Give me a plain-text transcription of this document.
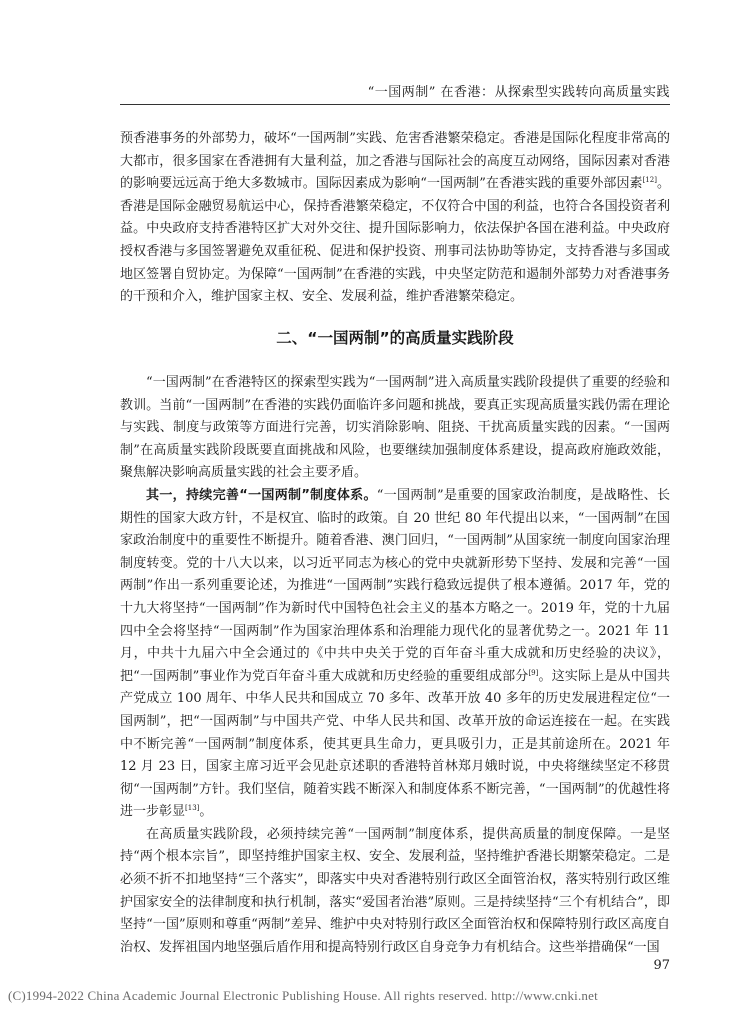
“一国两制” 在香港：从探索型实践转向高质量实践

预香港事务的外部势力，破坏“一国两制”实践、危害香港繁荣稳定。香港是国际化程度非常高的大都市，很多国家在香港拥有大量利益，加之香港与国际社会的高度互动网络，国际因素对香港的影响要远远高于绝大多数城市。国际因素成为影响“一国两制”在香港实践的重要外部因素[12]。香港是国际金融贸易航运中心，保持香港繁荣稳定，不仅符合中国的利益，也符合各国投资者利益。中央政府支持香港特区扩大对外交往、提升国际影响力，依法保护各国在港利益。中央政府授权香港与多国签署避免双重征税、促进和保护投资、刑事司法协助等协定，支持香港与多国或地区签署自贸协定。为保障“一国两制”在香港的实践，中央坚定防范和遏制外部势力对香港事务的干预和介入，维护国家主权、安全、发展利益，维护香港繁荣稳定。

二、“一国两制”的高质量实践阶段

“一国两制”在香港特区的探索型实践为“一国两制”进入高质量实践阶段提供了重要的经验和教训。当前“一国两制”在香港的实践仍面临许多问题和挑战，要真正实现高质量实践仍需在理论与实践、制度与政策等方面进行完善，切实消除影响、阻挠、干扰高质量实践的因素。“一国两制”在高质量实践阶段既要直面挑战和风险，也要继续加强制度体系建设，提高政府施政效能，聚焦解决影响高质量实践的社会主要矛盾。

其一，持续完善“一国两制”制度体系。“一国两制”是重要的国家政治制度，是战略性、长期性的国家大政方针，不是权宜、临时的政策。自 20 世纪 80 年代提出以来，“一国两制”在国家政治制度中的重要性不断提升。随着香港、澳门回归，“一国两制”从国家统一制度向国家治理制度转变。党的十八大以来，以习近平同志为核心的党中央就新形势下坚持、发展和完善“一国两制”作出一系列重要论述，为推进“一国两制”实践行稳致远提供了根本遵循。2017 年，党的十九大将坚持“一国两制”作为新时代中国特色社会主义的基本方略之一。2019 年，党的十九届四中全会将坚持“一国两制”作为国家治理体系和治理能力现代化的显著优势之一。2021 年 11 月，中共十九届六中全会通过的《中共中央关于党的百年奋斗重大成就和历史经验的决议》，把“一国两制”事业作为党百年奋斗重大成就和历史经验的重要组成部分[9]。这实际上是从中国共产党成立 100 周年、中华人民共和国成立 70 多年、改革开放 40 多年的历史发展进程定位“一国两制”，把“一国两制”与中国共产党、中华人民共和国、改革开放的命运连接在一起。在实践中不断完善“一国两制”制度体系，使其更具生命力，更具吸引力，正是其前途所在。2021 年 12 月 23 日，国家主席习近平会见赴京述职的香港特首林郑月娥时说，中央将继续坚定不移贯彻“一国两制”方针。我们坚信，随着实践不断深入和制度体系不断完善，“一国两制”的优越性将进一步彰显[13]。

在高质量实践阶段，必须持续完善“一国两制”制度体系，提供高质量的制度保障。一是坚持“两个根本宗旨”，即坚持维护国家主权、安全、发展利益，坚持维护香港长期繁荣稳定。二是必须不折不扣地坚持“三个落实”，即落实中央对香港特别行政区全面管治权，落实特别行政区维护国家安全的法律制度和执行机制，落实“爱国者治港”原则。三是持续坚持“三个有机结合”，即坚持“一国”原则和尊重“两制”差异、维护中央对特别行政区全面管治权和保障特别行政区高度自治权、发挥祖国内地坚强后盾作用和提高特别行政区自身竞争力有机结合。这些举措确保“一国

97
(C)1994-2022 China Academic Journal Electronic Publishing House. All rights reserved. http://www.cnki.net
